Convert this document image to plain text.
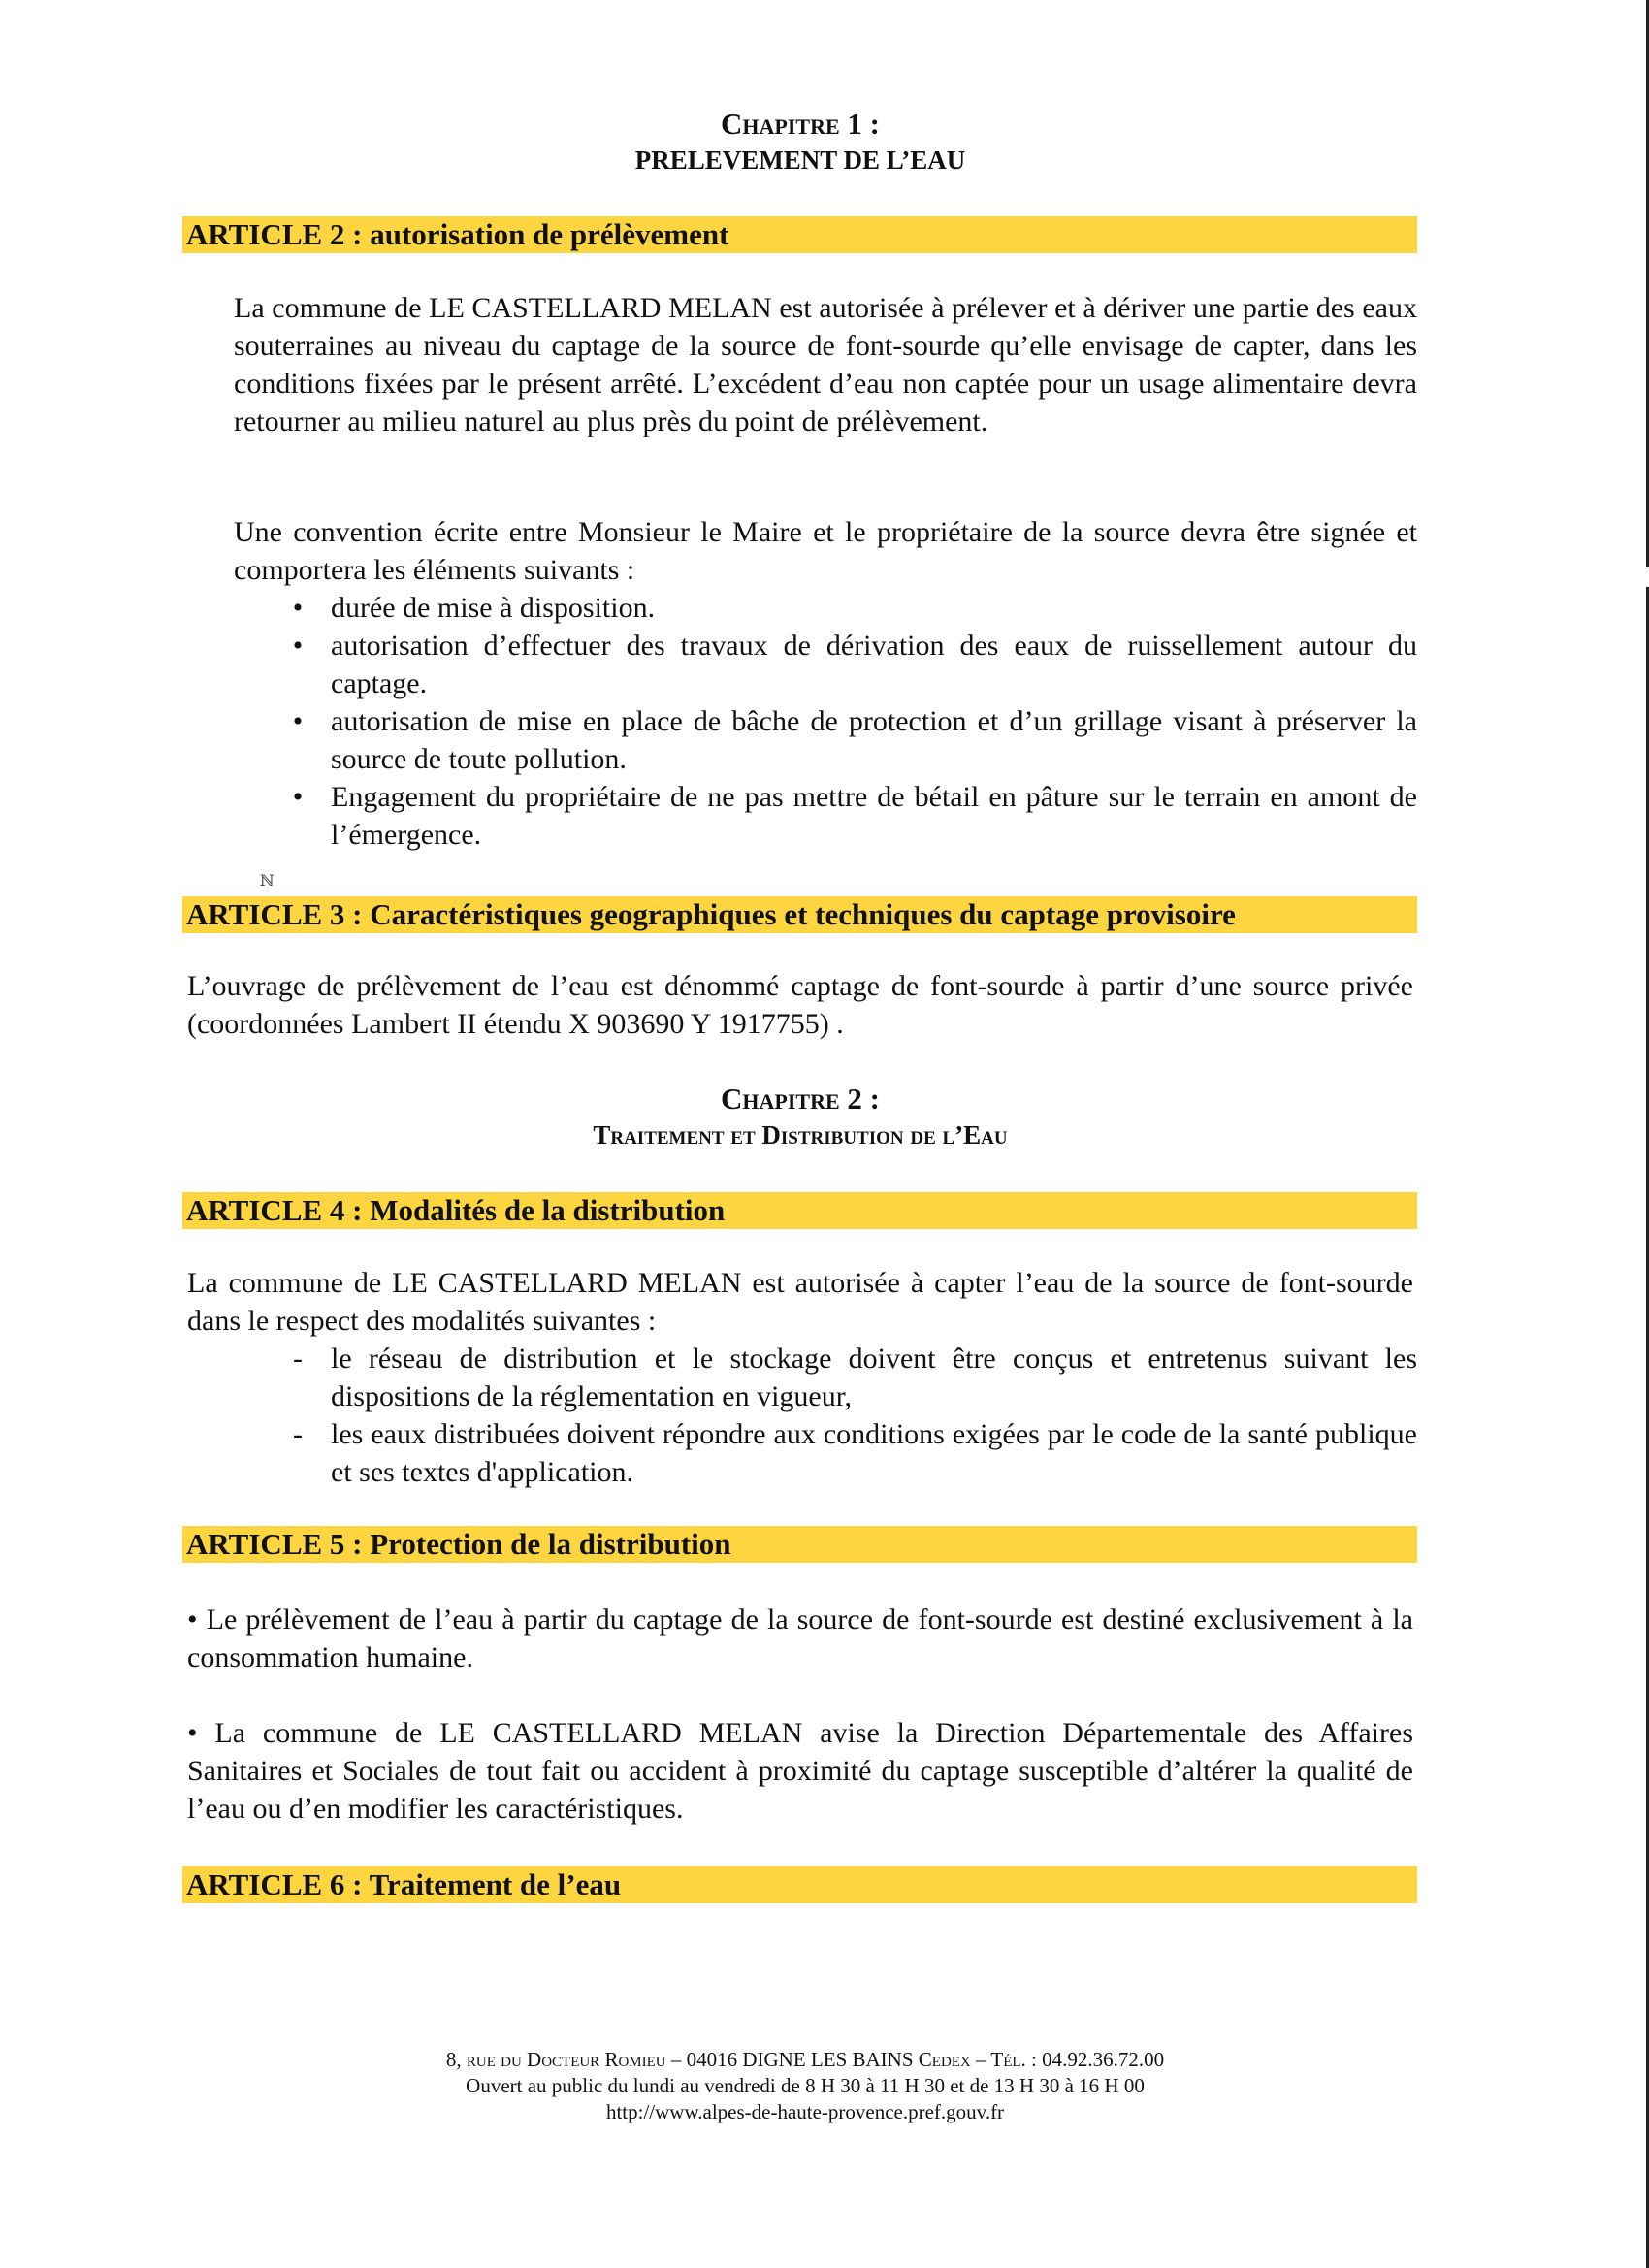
Chapitre 1 :
PRELEVEMENT DE L’EAU
ARTICLE 2 : autorisation de prélèvement

La commune de LE CASTELLARD MELAN est autorisée à prélever et à dériver une partie des eaux souterraines au niveau du captage de la source de font-sourde qu’elle envisage de capter, dans les conditions fixées par le présent arrêté. L’excédent d’eau non captée pour un usage alimentaire devra retourner au milieu naturel au plus près du point de prélèvement.

Une convention écrite entre Monsieur le Maire et le propriétaire de la source devra être signée et comportera les éléments suivants :

• durée de mise à disposition.
• autorisation d’effectuer des travaux de dérivation des eaux de ruissellement autour du captage.
• autorisation de mise en place de bâche de protection et d’un grillage visant à préserver la source de toute pollution.
• Engagement du propriétaire de ne pas mettre de bétail en pâture sur le terrain en amont de l’émergence.
ℕ
ARTICLE 3 : Caractéristiques geographiques et techniques du captage provisoire

L’ouvrage de prélèvement de l’eau est dénommé captage de font-sourde à partir d’une source privée (coordonnées Lambert II étendu X 903690 Y 1917755) .

Chapitre 2 :
Traitement et Distribution de l’Eau
ARTICLE 4 : Modalités de la distribution

La commune de LE CASTELLARD MELAN est autorisée à capter l’eau de la source de font-sourde dans le respect des modalités suivantes :

- le réseau de distribution et le stockage doivent être conçus et entretenus suivant les dispositions de la réglementation en vigueur,
- les eaux distribuées doivent répondre aux conditions exigées par le code de la santé publique et ses textes d'application.
ARTICLE 5 : Protection de la distribution

• Le prélèvement de l’eau à partir du captage de la source de font-sourde est destiné exclusivement à la consommation humaine.

• La commune de LE CASTELLARD MELAN avise la Direction Départementale des Affaires Sanitaires et Sociales de tout fait ou accident à proximité du captage susceptible d’altérer la qualité de l’eau ou d’en modifier les caractéristiques.

ARTICLE 6 : Traitement de l’eau
8, rue du Docteur Romieu – 04016 DIGNE LES BAINS Cedex – Tél. : 04.92.36.72.00
Ouvert au public du lundi au vendredi de 8 H 30 à 11 H 30 et de 13 H 30 à 16 H 00
http://www.alpes-de-haute-provence.pref.gouv.fr
